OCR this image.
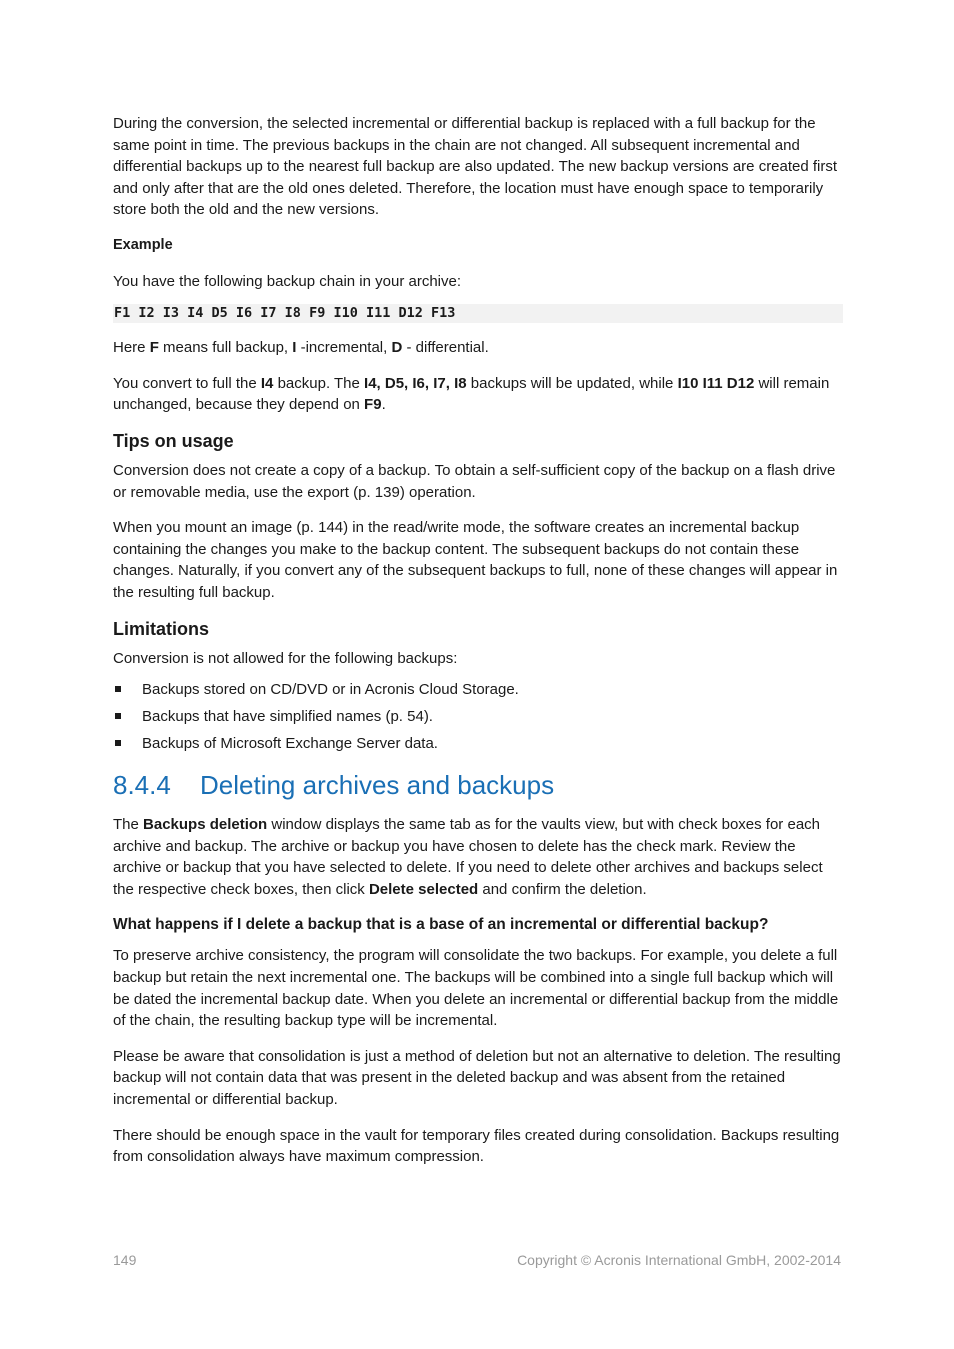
During the conversion, the selected incremental or differential backup is replaced with a full backup for the same point in time. The previous backups in the chain are not changed. All subsequent incremental and differential backups up to the nearest full backup are also updated. The new backup versions are created first and only after that are the old ones deleted. Therefore, the location must have enough space to temporarily store both the old and the new versions.

Example

You have the following backup chain in your archive:

F1 I2 I3 I4 D5 I6 I7 I8 F9 I10 I11 D12 F13

Here F means full backup, I -incremental, D - differential.

You convert to full the I4 backup. The I4, D5, I6, I7, I8 backups will be updated, while I10 I11 D12 will remain unchanged, because they depend on F9.

Tips on usage

Conversion does not create a copy of a backup. To obtain a self-sufficient copy of the backup on a flash drive or removable media, use the export (p. 139) operation.

When you mount an image (p. 144) in the read/write mode, the software creates an incremental backup containing the changes you make to the backup content. The subsequent backups do not contain these changes. Naturally, if you convert any of the subsequent backups to full, none of these changes will appear in the resulting full backup.

Limitations

Conversion is not allowed for the following backups:

Backups stored on CD/DVD or in Acronis Cloud Storage.
Backups that have simplified names (p. 54).
Backups of Microsoft Exchange Server data.
8.4.4 Deleting archives and backups

The Backups deletion window displays the same tab as for the vaults view, but with check boxes for each archive and backup. The archive or backup you have chosen to delete has the check mark. Review the archive or backup that you have selected to delete. If you need to delete other archives and backups select the respective check boxes, then click Delete selected and confirm the deletion.

What happens if I delete a backup that is a base of an incremental or differential backup?

To preserve archive consistency, the program will consolidate the two backups. For example, you delete a full backup but retain the next incremental one. The backups will be combined into a single full backup which will be dated the incremental backup date. When you delete an incremental or differential backup from the middle of the chain, the resulting backup type will be incremental.

Please be aware that consolidation is just a method of deletion but not an alternative to deletion. The resulting backup will not contain data that was present in the deleted backup and was absent from the retained incremental or differential backup.

There should be enough space in the vault for temporary files created during consolidation. Backups resulting from consolidation always have maximum compression.

149	Copyright © Acronis International GmbH, 2002-2014
